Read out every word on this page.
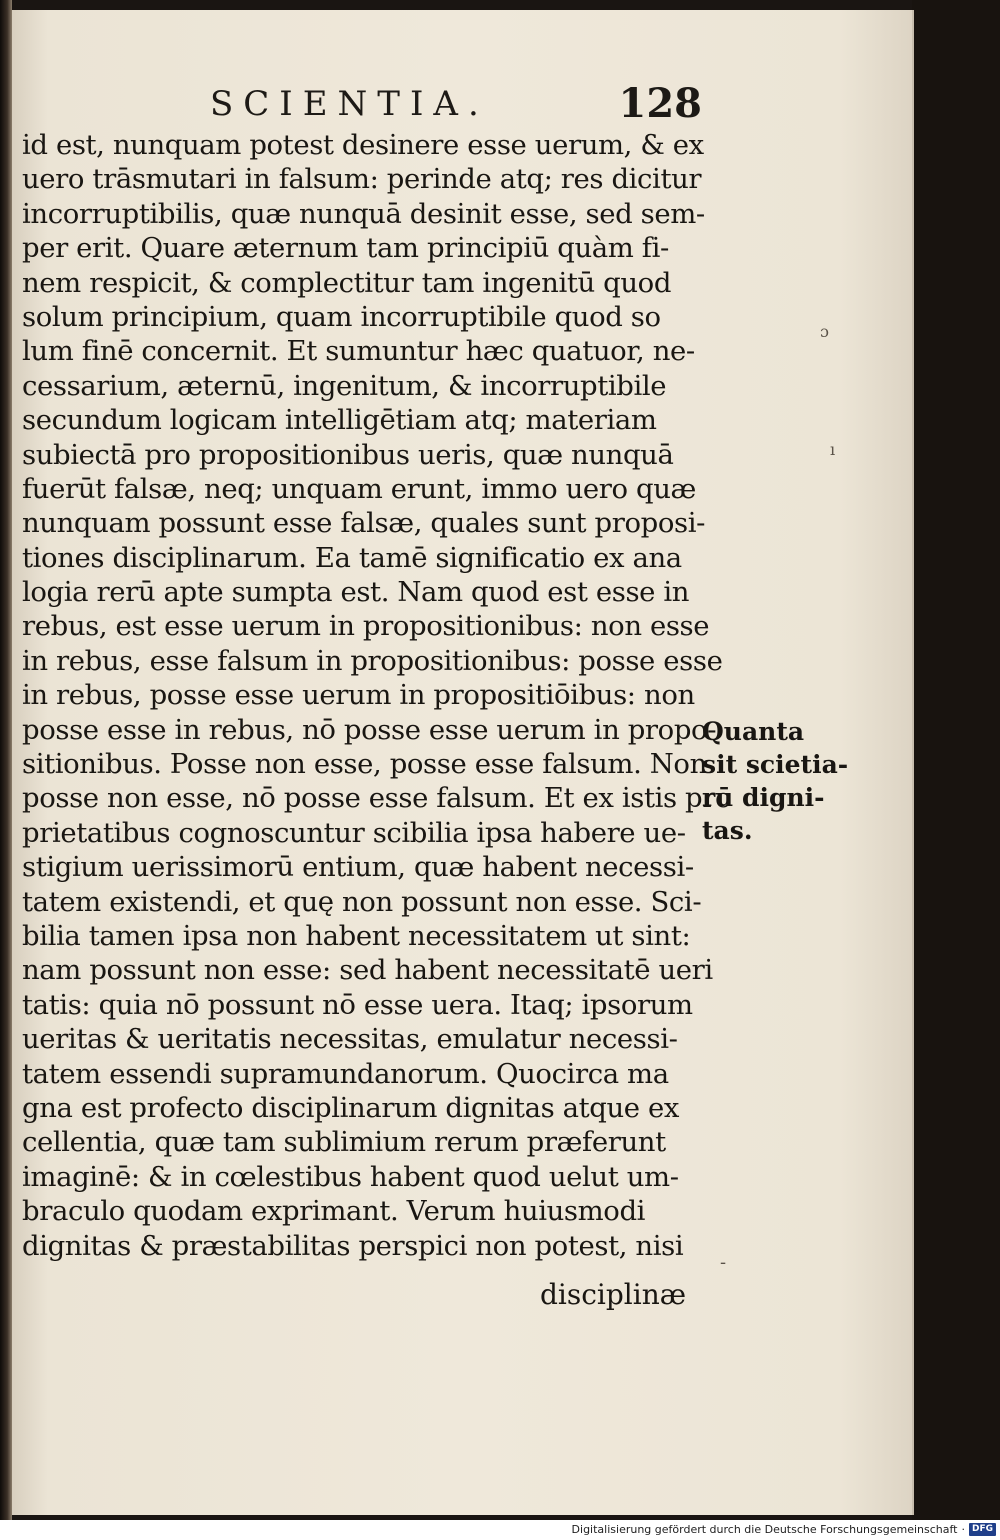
SCIENTIA.	128
id est, nunquam potest desinere esse uerum, & ex
uero trāsmutari in falsum: perinde atq; res dicitur
incorruptibilis, quæ nunquā desinit esse, sed sem-
per erit. Quare æternum tam principiū quàm fi-
nem respicit, & complectitur tam ingenitū quod
solum principium, quam incorruptibile quod so
lum finē concernit. Et sumuntur hæc quatuor, ne-
cessarium, æternū, ingenitum, & incorruptibile
secundum logicam intelligētiam atq; materiam
subiectā pro propositionibus ueris, quæ nunquā
fuerūt falsæ, neq; unquam erunt, immo uero quæ
nunquam possunt esse falsæ, quales sunt proposi-
tiones disciplinarum. Ea tamē significatio ex ana
logia rerū apte sumpta est. Nam quod est esse in
rebus, est esse uerum in propositionibus: non esse
in rebus, esse falsum in propositionibus: posse esse
in rebus, posse esse uerum in propositiōibus: non
posse esse in rebus, nō posse esse uerum in propo-
sitionibus. Posse non esse, posse esse falsum. Non
posse non esse, nō posse esse falsum. Et ex istis pro
prietatibus cognoscuntur scibilia ipsa habere ue-
stigium uerissimorū entium, quæ habent necessi-
tatem existendi, et quę non possunt non esse. Sci-
bilia tamen ipsa non habent necessitatem ut sint:
nam possunt non esse: sed habent necessitatē ueri
tatis: quia nō possunt nō esse uera. Itaq; ipsorum
ueritas & ueritatis necessitas, emulatur necessi-
tatem essendi supramundanorum. Quocirca ma
gna est profecto disciplinarum dignitas atque ex
cellentia, quæ tam sublimium rerum præferunt
imaginē: & in cœlestibus habent quod uelut um-
braculo quodam exprimant. Verum huiusmodi
dignitas & præstabilitas perspici non potest, nisi
Quanta
sit scietia-
rū digni-
tas.
disciplinæ
ɔ
ı
-
Digitalisierung gefördert durch die Deutsche Forschungsgemeinschaft · DFG
